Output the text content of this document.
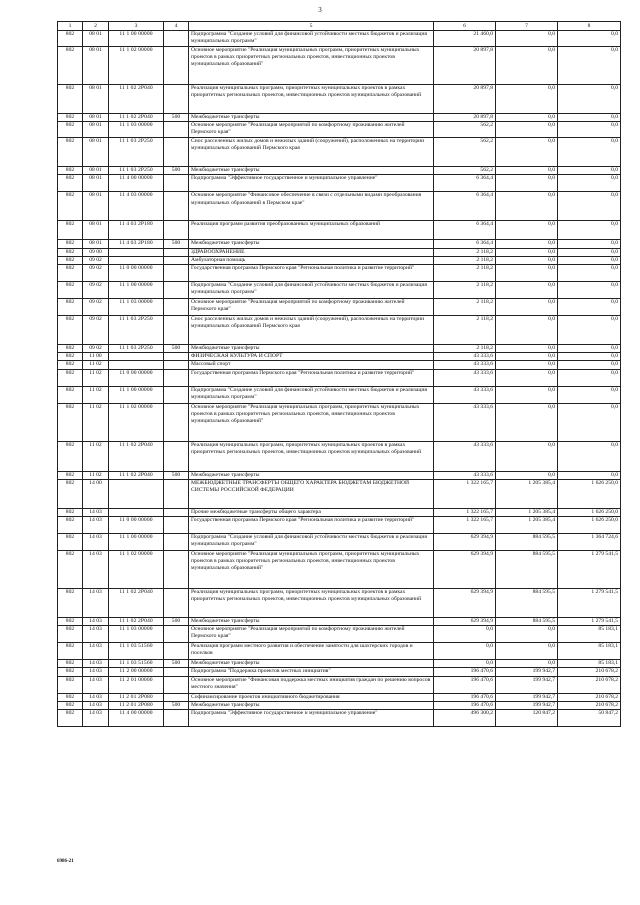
3
1	2	3	4	5	6	7	8
802	08 01	11 1 00 00000		Подпрограмма "Создание условий для финансовой устойчивости местных бюджетов и реализация муниципальных программ"	21 460,0	0,0	0,0
802	08 01	11 1 02 00000		Основное мероприятие "Реализация муниципальных программ, приоритетных муниципальных проектов в рамках приоритетных региональных проектов, инвестиционных проектов муниципальных образований"	20 897,8	0,0	0,0
802	08 01	11 1 02 2P040		Реализация муниципальных программ, приоритетных муниципальных проектов в рамках приоритетных региональных проектов, инвестиционных проектов муниципальных образований	20 897,8	0,0	0,0
802	08 01	11 1 02 2P040	500	Межбюджетные трансферты	20 897,8	0,0	0,0
802	08 01	11 1 03 00000		Основное мероприятие "Реализация мероприятий по комфортному проживанию жителей Пермского края"	562,2	0,0	0,0
802	08 01	11 1 03 2P250		Снос расселенных жилых домов и нежилых зданий (сооружений), расположенных на территории муниципальных образований Пермского края	562,2	0,0	0,0
802	08 01	11 1 03 2P250	500	Межбюджетные трансферты	562,2	0,0	0,0
802	08 01	11 4 00 00000		Подпрограмма "Эффективное государственное и муниципальное управление"	6 364,4	0,0	0,0
802	08 01	11 4 03 00000		Основное мероприятие "Финансовое обеспечение в связи с отдельными видами преобразования муниципальных образований в Пермском крае"	6 364,4	0,0	0,0
802	08 01	11 4 03 2P180		Реализация программ развития преобразованных муниципальных образований	6 364,4	0,0	0,0
802	08 01	11 4 03 2P180	500	Межбюджетные трансферты	6 364,4	0,0	0,0
802	09 00			ЗДРАВООХРАНЕНИЕ	2 118,2	0,0	0,0
802	09 02			Амбулаторная помощь	2 118,2	0,0	0,0
802	09 02	11 0 00 00000		Государственная программа Пермского края "Региональная политика и развитие территорий"	2 118,2	0,0	0,0
802	09 02	11 1 00 00000		Подпрограмма "Создание условий для финансовой устойчивости местных бюджетов и реализация муниципальных программ"	2 118,2	0,0	0,0
802	09 02	11 1 03 00000		Основное мероприятие "Реализация мероприятий по комфортному проживанию жителей Пермского края"	2 118,2	0,0	0,0
802	09 02	11 1 03 2P250		Снос расселенных жилых домов и нежилых зданий (сооружений), расположенных на территории муниципальных образований Пермского края	2 118,2	0,0	0,0
802	09 02	11 1 03 2P250	500	Межбюджетные трансферты	2 118,2	0,0	0,0
802	11 00			ФИЗИЧЕСКАЯ КУЛЬТУРА И СПОРТ	43 333,6	0,0	0,0
802	11 02			Массовый спорт	43 333,6	0,0	0,0
802	11 02	11 0 00 00000		Государственная программа Пермского края "Региональная политика и развитие территорий"	43 333,6	0,0	0,0
802	11 02	11 1 00 00000		Подпрограмма "Создание условий для финансовой устойчивости местных бюджетов и реализация муниципальных программ"	43 333,6	0,0	0,0
802	11 02	11 1 02 00000		Основное мероприятие "Реализация муниципальных программ, приоритетных муниципальных проектов в рамках приоритетных региональных проектов, инвестиционных проектов муниципальных образований"	43 333,6	0,0	0,0
802	11 02	11 1 02 2P040		Реализация муниципальных программ, приоритетных муниципальных проектов в рамках приоритетных региональных проектов, инвестиционных проектов муниципальных образований	43 333,6	0,0	0,0
802	11 02	11 1 02 2P040	500	Межбюджетные трансферты	43 333,6	0,0	0,0
802	14 00			МЕЖБЮДЖЕТНЫЕ ТРАНСФЕРТЫ ОБЩЕГО ХАРАКТЕРА БЮДЖЕТАМ БЮДЖЕТНОЙ СИСТЕМЫ РОССИЙСКОЙ ФЕДЕРАЦИИ	1 322 165,7	1 205 385,4	1 626 250,0
802	14 03			Прочие межбюджетные трансферты общего характера	1 322 165,7	1 205 385,4	1 626 250,0
802	14 03	11 0 00 00000		Государственная программа Пермского края "Региональная политика и развитие территорий"	1 322 165,7	1 205 385,4	1 626 250,0
802	14 03	11 1 00 00000		Подпрограмма "Создание условий для финансовой устойчивости местных бюджетов и реализация муниципальных программ"	629 394,9	884 595,5	1 364 724,6
802	14 03	11 1 02 00000		Основное мероприятие "Реализация муниципальных программ, приоритетных муниципальных проектов в рамках приоритетных региональных проектов, инвестиционных проектов муниципальных образований"	629 394,9	884 595,5	1 279 541,5
802	14 03	11 1 02 2P040		Реализация муниципальных программ, приоритетных муниципальных проектов в рамках приоритетных региональных проектов, инвестиционных проектов муниципальных образований	629 394,9	884 595,5	1 279 541,5
802	14 03	11 1 02 2P040	500	Межбюджетные трансферты	629 394,9	884 595,5	1 279 541,5
802	14 03	11 1 03 00000		Основное мероприятие "Реализация мероприятий по комфортному проживанию жителей Пермского края"	0,0	0,0	85 183,1
802	14 03	11 1 03 51560		Реализация программ местного развития и обеспечение занятости для шахтерских городов и поселков	0,0	0,0	85 183,1
802	14 03	11 1 03 51560	500	Межбюджетные трансферты	0,0	0,0	85 183,1
802	14 03	11 2 00 00000		Подпрограмма "Поддержка проектов местных инициатив"	196 470,6	199 942,7	210 678,2
802	14 03	11 2 01 00000		Основное мероприятие "Финансовая поддержка местных инициатив граждан по решению вопросов местного значения"	196 470,6	199 942,7	210 678,2
802	14 03	11 2 01 2P080		Софинансирование проектов инициативного бюджетирования	196 470,6	199 942,7	210 678,2
802	14 03	11 2 01 2P080	500	Межбюджетные трансферты	196 470,6	199 942,7	210 678,2
802	14 03	11 4 00 00000		Подпрограмма "Эффективное государственное и муниципальное управление"	496 300,2	120 847,2	50 847,2
6986-21
